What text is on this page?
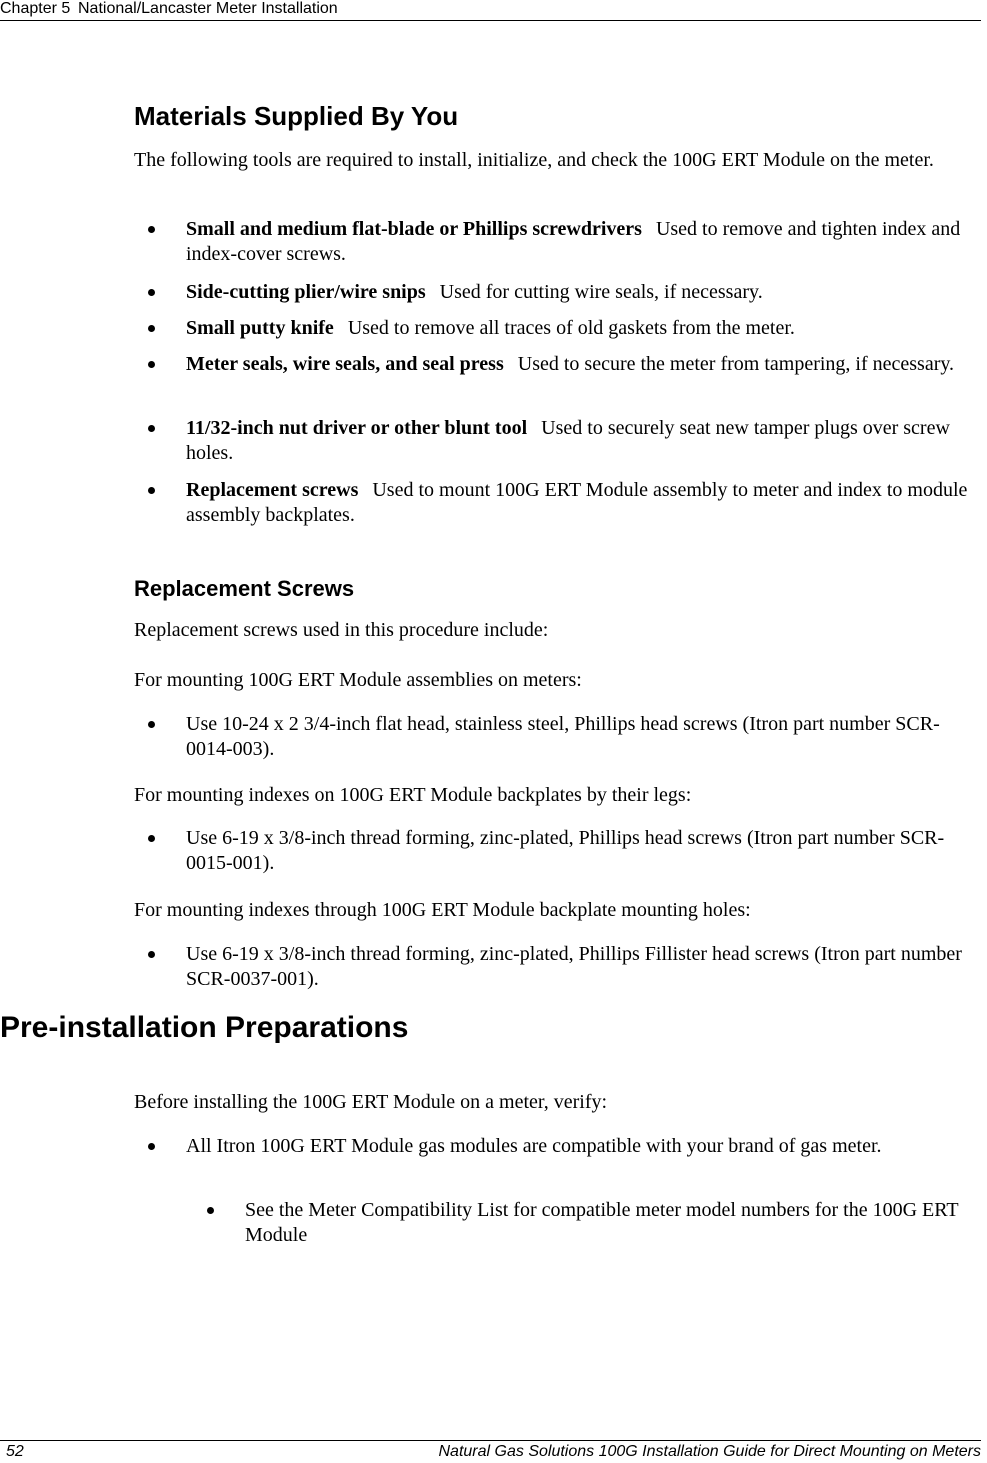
Chapter 5 National/Lancaster Meter Installation
Materials Supplied By You
The following tools are required to install, initialize, and check the 100G ERT Module on the meter.
Small and medium flat-blade or Phillips screwdrivers Used to remove and tighten index and index-cover screws.
Side-cutting plier/wire snips Used for cutting wire seals, if necessary.
Small putty knife Used to remove all traces of old gaskets from the meter.
Meter seals, wire seals, and seal press Used to secure the meter from tampering, if necessary.
11/32-inch nut driver or other blunt tool Used to securely seat new tamper plugs over screw holes.
Replacement screws Used to mount 100G ERT Module assembly to meter and index to module assembly backplates.
Replacement Screws
Replacement screws used in this procedure include:
For mounting 100G ERT Module assemblies on meters:
Use 10-24 x 2 3/4-inch flat head, stainless steel, Phillips head screws (Itron part number SCR-0014-003).
For mounting indexes on 100G ERT Module backplates by their legs:
Use 6-19 x 3/8-inch thread forming, zinc-plated, Phillips head screws (Itron part number SCR-0015-001).
For mounting indexes through 100G ERT Module backplate mounting holes:
Use 6-19 x 3/8-inch thread forming, zinc-plated, Phillips Fillister head screws (Itron part number SCR-0037-001).
Pre-installation Preparations
Before installing the 100G ERT Module on a meter, verify:
All Itron 100G ERT Module gas modules are compatible with your brand of gas meter.
See the Meter Compatibility List for compatible meter model numbers for the 100G ERT Module
52	Natural Gas Solutions 100G Installation Guide for Direct Mounting on Meters
